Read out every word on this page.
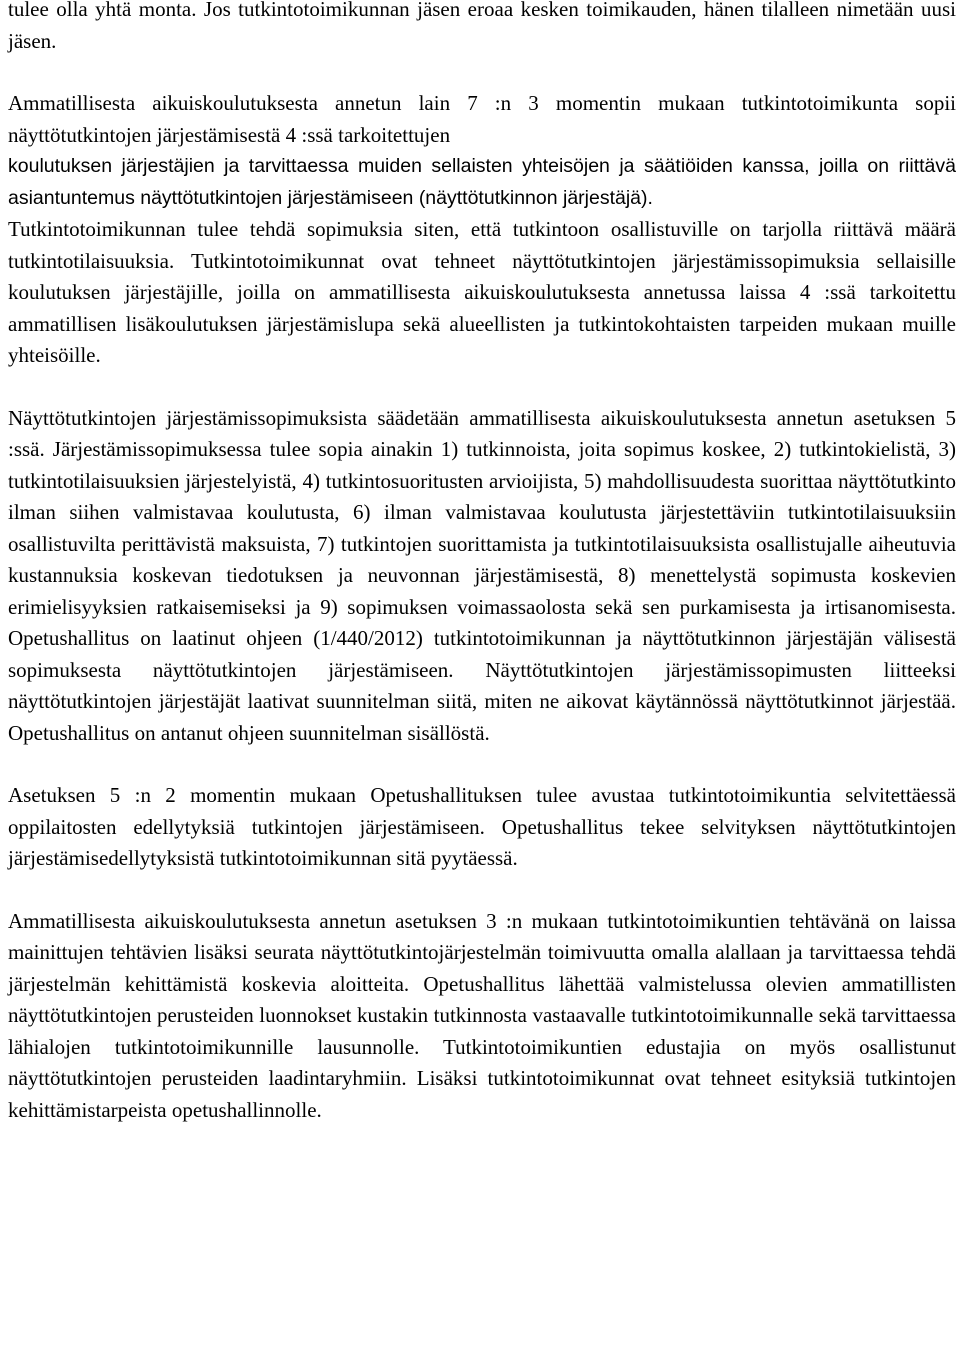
tulee olla yhtä monta. Jos tutkintotoimikunnan jäsen eroaa kesken toimikauden, hänen tilalleen nimetään uusi jäsen.

Ammatillisesta aikuiskoulutuksesta annetun lain 7 :n 3 momentin mukaan tutkintotoimikunta sopii näyttötutkintojen järjestämisestä 4 :ssä tarkoitettujen

koulutuksen järjestäjien ja tarvittaessa muiden sellaisten yhteisöjen ja säätiöiden kanssa, joilla on riittävä asiantuntemus näyttötutkintojen järjestämiseen (näyttötutkinnon järjestäjä).

Tutkintotoimikunnan tulee tehdä sopimuksia siten, että tutkintoon osallistuville on tarjolla riittävä määrä tutkintotilaisuuksia. Tutkintotoimikunnat ovat tehneet näyttötutkintojen järjestämissopimuksia sellaisille koulutuksen järjestäjille, joilla on ammatillisesta aikuiskoulutuksesta annetussa laissa 4 :ssä tarkoitettu ammatillisen lisäkoulutuksen järjestämislupa sekä alueellisten ja tutkintokohtaisten tarpeiden mukaan muille yhteisöille.

Näyttötutkintojen järjestämissopimuksista säädetään ammatillisesta aikuiskoulutuksesta annetun asetuksen 5 :ssä. Järjestämissopimuksessa tulee sopia ainakin 1) tutkinnoista, joita sopimus koskee, 2) tutkintokielistä, 3) tutkintotilaisuuksien järjestelyistä, 4) tutkintosuoritusten arvioijista, 5) mahdollisuudesta suorittaa näyttötutkinto ilman siihen valmistavaa koulutusta, 6) ilman valmistavaa koulutusta järjestettäviin tutkintotilaisuuksiin osallistuvilta perittävistä maksuista, 7) tutkintojen suorittamista ja tutkintotilaisuuksista osallistujalle aiheutuvia kustannuksia koskevan tiedotuksen ja neuvonnan järjestämisestä, 8) menettelystä sopimusta koskevien erimielisyyksien ratkaisemiseksi ja 9) sopimuksen voimassaolosta sekä sen purkamisesta ja irtisanomisesta. Opetushallitus on laatinut ohjeen (1/440/2012) tutkintotoimikunnan ja näyttötutkinnon järjestäjän välisestä sopimuksesta näyttötutkintojen järjestämiseen. Näyttötutkintojen järjestämissopimusten liitteeksi näyttötutkintojen järjestäjät laativat suunnitelman siitä, miten ne aikovat käytännössä näyttötutkinnot järjestää. Opetushallitus on antanut ohjeen suunnitelman sisällöstä.

Asetuksen 5 :n 2 momentin mukaan Opetushallituksen tulee avustaa tutkintotoimikuntia selvitettäessä oppilaitosten edellytyksiä tutkintojen järjestämiseen. Opetushallitus tekee selvityksen näyttötutkintojen järjestämisedellytyksistä tutkintotoimikunnan sitä pyytäessä.

Ammatillisesta aikuiskoulutuksesta annetun asetuksen 3 :n mukaan tutkintotoimikuntien tehtävänä on laissa mainittujen tehtävien lisäksi seurata näyttötutkintojärjestelmän toimivuutta omalla alallaan ja tarvittaessa tehdä järjestelmän kehittämistä koskevia aloitteita. Opetushallitus lähettää valmistelussa olevien ammatillisten näyttötutkintojen perusteiden luonnokset kustakin tutkinnosta vastaavalle tutkintotoimikunnalle sekä tarvittaessa lähialojen tutkintotoimikunnille lausunnolle. Tutkintotoimikuntien edustajia on myös osallistunut näyttötutkintojen perusteiden laadintaryhmiin. Lisäksi tutkintotoimikunnat ovat tehneet esityksiä tutkintojen kehittämistarpeista opetushallinnolle.
